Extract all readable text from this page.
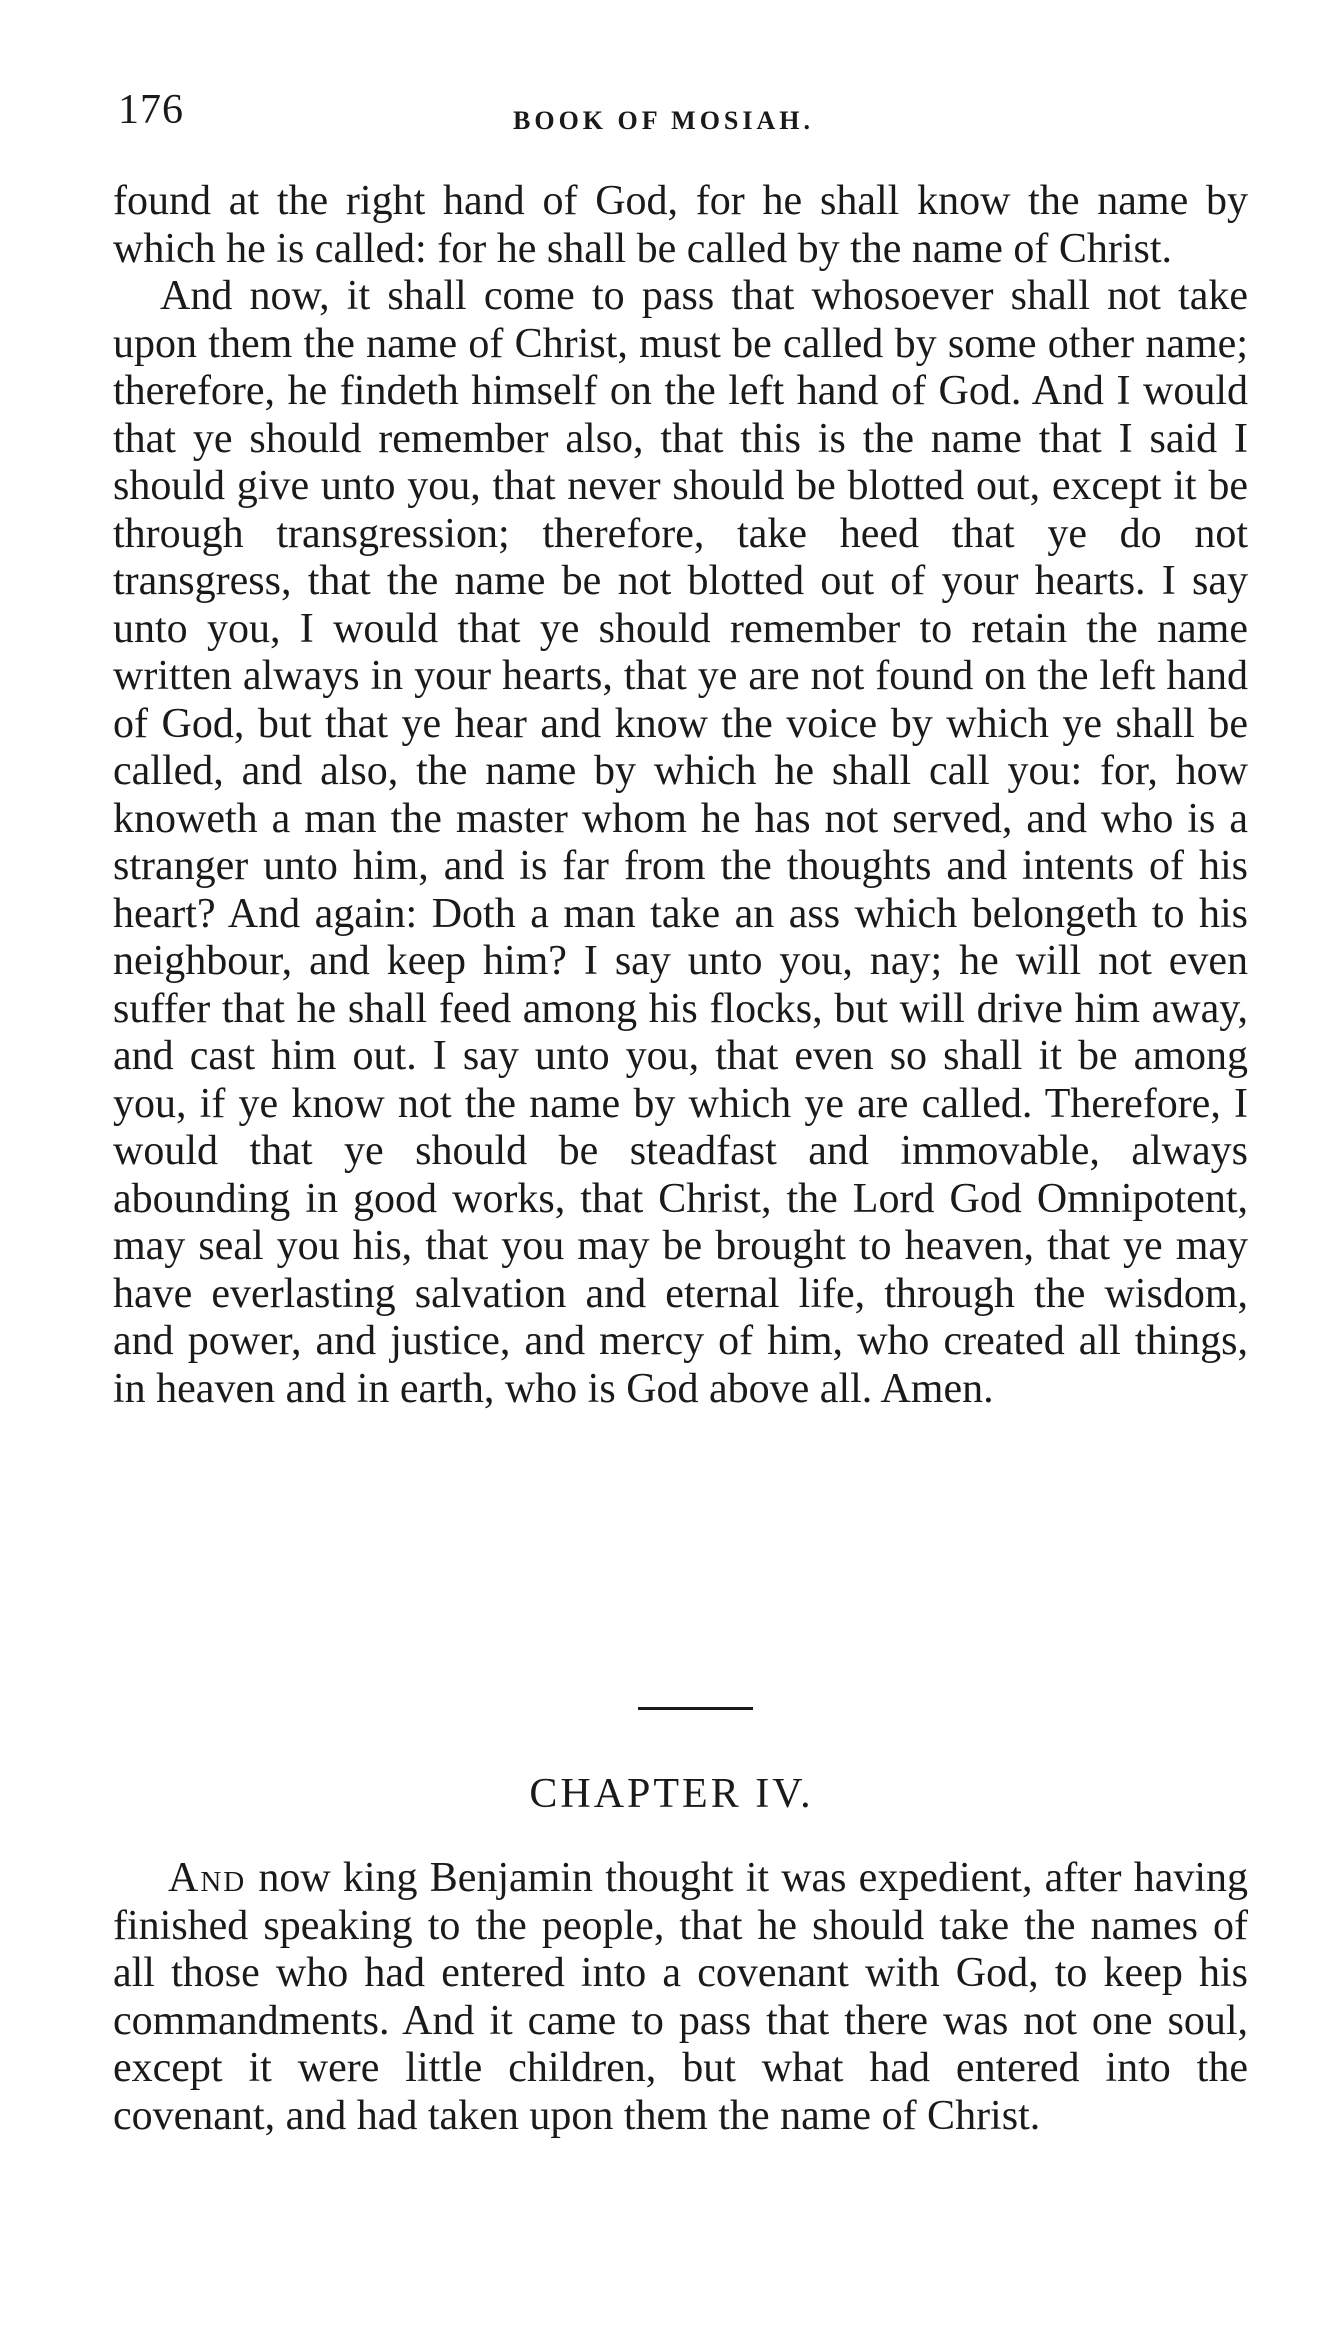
176	BOOK OF MOSIAH.

found at the right hand of God, for he shall know the name by which he is called: for he shall be called by the name of Christ.

And now, it shall come to pass that whosoever shall not take upon them the name of Christ, must be called by some other name; therefore, he findeth himself on the left hand of God. And I would that ye should remember also, that this is the name that I said I should give unto you, that never should be blotted out, except it be through transgression; therefore, take heed that ye do not transgress, that the name be not blotted out of your hearts. I say unto you, I would that ye should remember to retain the name written always in your hearts, that ye are not found on the left hand of God, but that ye hear and know the voice by which ye shall be called, and also, the name by which he shall call you: for, how knoweth a man the master whom he has not served, and who is a stranger unto him, and is far from the thoughts and intents of his heart? And again: Doth a man take an ass which belongeth to his neighbour, and keep him? I say unto you, nay; he will not even suffer that he shall feed among his flocks, but will drive him away, and cast him out. I say unto you, that even so shall it be among you, if ye know not the name by which ye are called. Therefore, I would that ye should be steadfast and immovable, always abounding in good works, that Christ, the Lord God Omnipotent, may seal you his, that you may be brought to heaven, that ye may have everlasting salvation and eternal life, through the wisdom, and power, and justice, and mercy of him, who created all things, in heaven and in earth, who is God above all. Amen.

CHAPTER IV.

And now king Benjamin thought it was expedient, after having finished speaking to the people, that he should take the names of all those who had entered into a covenant with God, to keep his commandments. And it came to pass that there was not one soul, except it were little children, but what had entered into the covenant, and had taken upon them the name of Christ.
